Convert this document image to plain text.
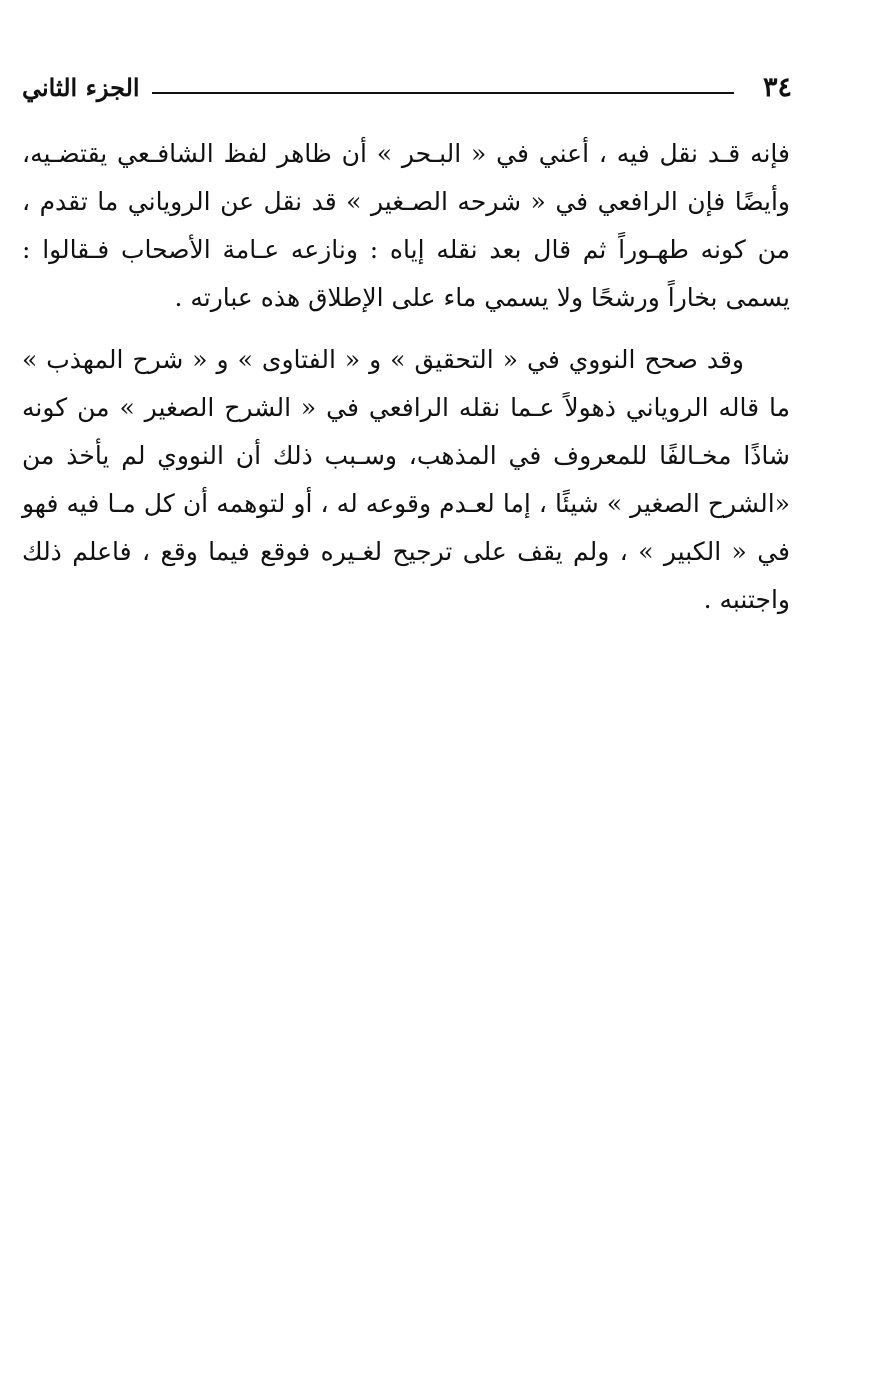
٣٤
الجزء الثاني

فإنه قـد نقل فيه ، أعني في « البـحر » أن ظاهر لفظ الشافـعي يقتضـيه، وأيضًا فإن الرافعي في « شرحه الصـغير » قد نقل عن الروياني ما تقدم ، من كونه طهـوراً ثم قال بعد نقله إياه : ونازعه عـامة الأصحاب فـقالوا : يسمى بخاراً ورشحًا ولا يسمي ماء على الإطلاق هذه عبارته .

وقد صحح النووي في « التحقيق » و « الفتاوى » و « شرح المهذب » ما قاله الروياني ذهولاً عـما نقله الرافعي في « الشرح الصغير » من كونه شاذًا مخـالفًا للمعروف في المذهب، وسـبب ذلك أن النووي لم يأخذ من «الشرح الصغير » شيئًا ، إما لعـدم وقوعه له ، أو لتوهمه أن كل مـا فيه فهو في « الكبير » ، ولم يقف على ترجيح لغـيره فوقع فيما وقع ، فاعلم ذلك واجتنبه .
